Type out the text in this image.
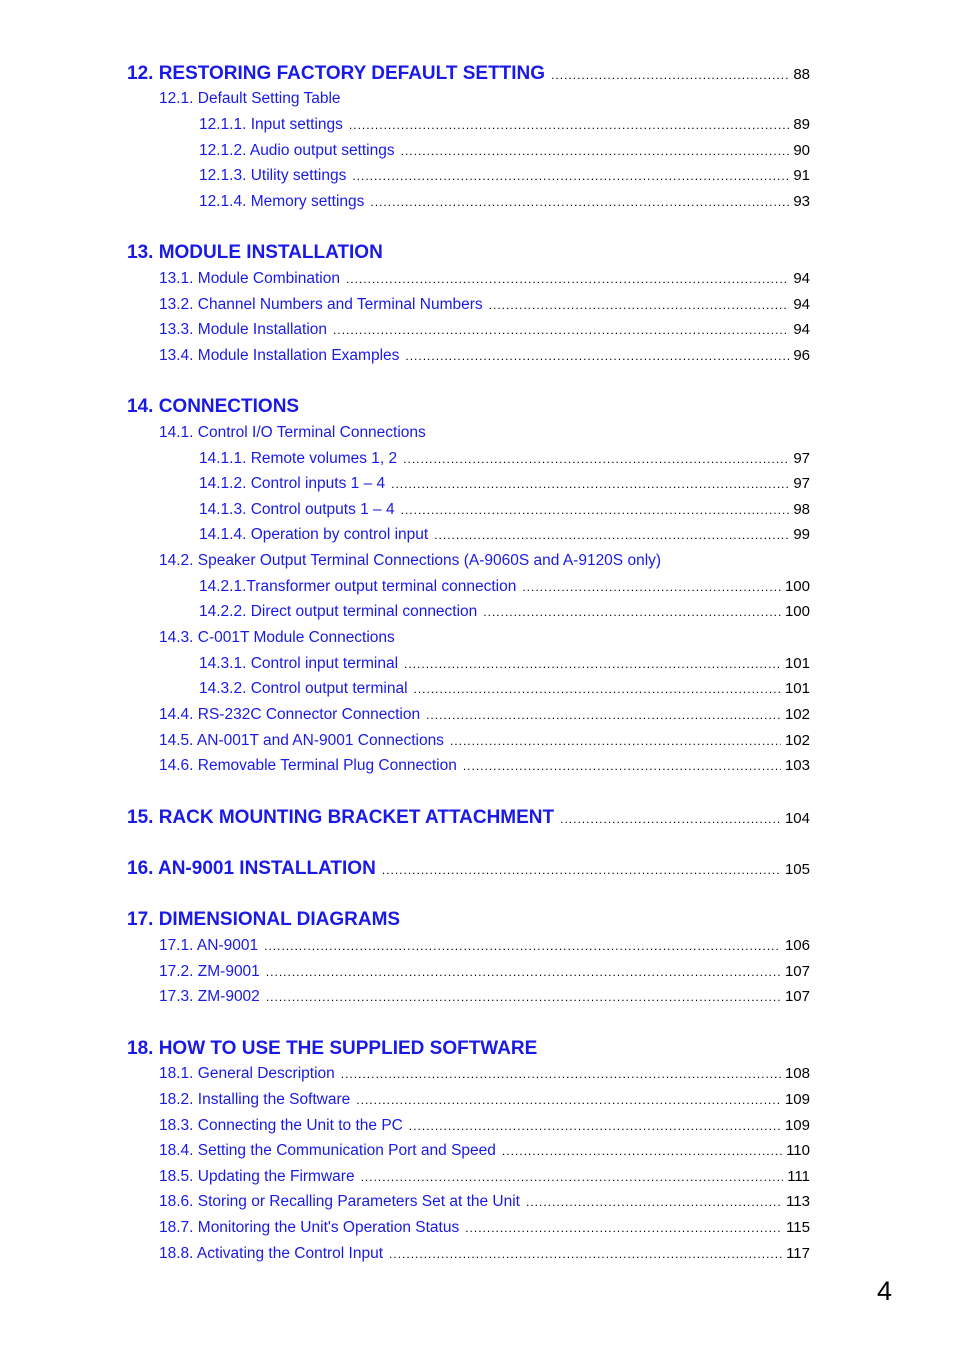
12. RESTORING FACTORY DEFAULT SETTING .....	88
12.1. Default Setting Table
12.1.1. Input settings .....	89
12.1.2. Audio output settings .....	90
12.1.3. Utility settings .....	91
12.1.4. Memory settings .....	93
13. MODULE INSTALLATION
13.1. Module Combination .....	94
13.2. Channel Numbers and Terminal Numbers .....	94
13.3. Module Installation .....	94
13.4. Module Installation Examples .....	96
14. CONNECTIONS
14.1. Control I/O Terminal Connections
14.1.1. Remote volumes 1, 2 .....	97
14.1.2. Control inputs 1 – 4 .....	97
14.1.3. Control outputs 1 – 4 .....	98
14.1.4. Operation by control input .....	99
14.2. Speaker Output Terminal Connections (A-9060S and A-9120S only)
14.2.1.Transformer output terminal connection .....	100
14.2.2. Direct output terminal connection .....	100
14.3. C-001T Module Connections
14.3.1. Control input terminal .....	101
14.3.2. Control output terminal .....	101
14.4. RS-232C Connector Connection .....	102
14.5. AN-001T and AN-9001 Connections .....	102
14.6. Removable Terminal Plug Connection .....	103
15. RACK MOUNTING BRACKET ATTACHMENT .....	104
16. AN-9001 INSTALLATION .....	105
17. DIMENSIONAL DIAGRAMS
17.1. AN-9001 .....	106
17.2. ZM-9001 .....	107
17.3. ZM-9002 .....	107
18. HOW TO USE THE SUPPLIED SOFTWARE
18.1. General Description .....	108
18.2. Installing the Software .....	109
18.3. Connecting the Unit to the PC .....	109
18.4. Setting the Communication Port and Speed .....	110
18.5. Updating the Firmware .....	111
18.6. Storing or Recalling Parameters Set at the Unit .....	113
18.7. Monitoring the Unit's Operation Status .....	115
18.8. Activating the Control Input .....	117
4
